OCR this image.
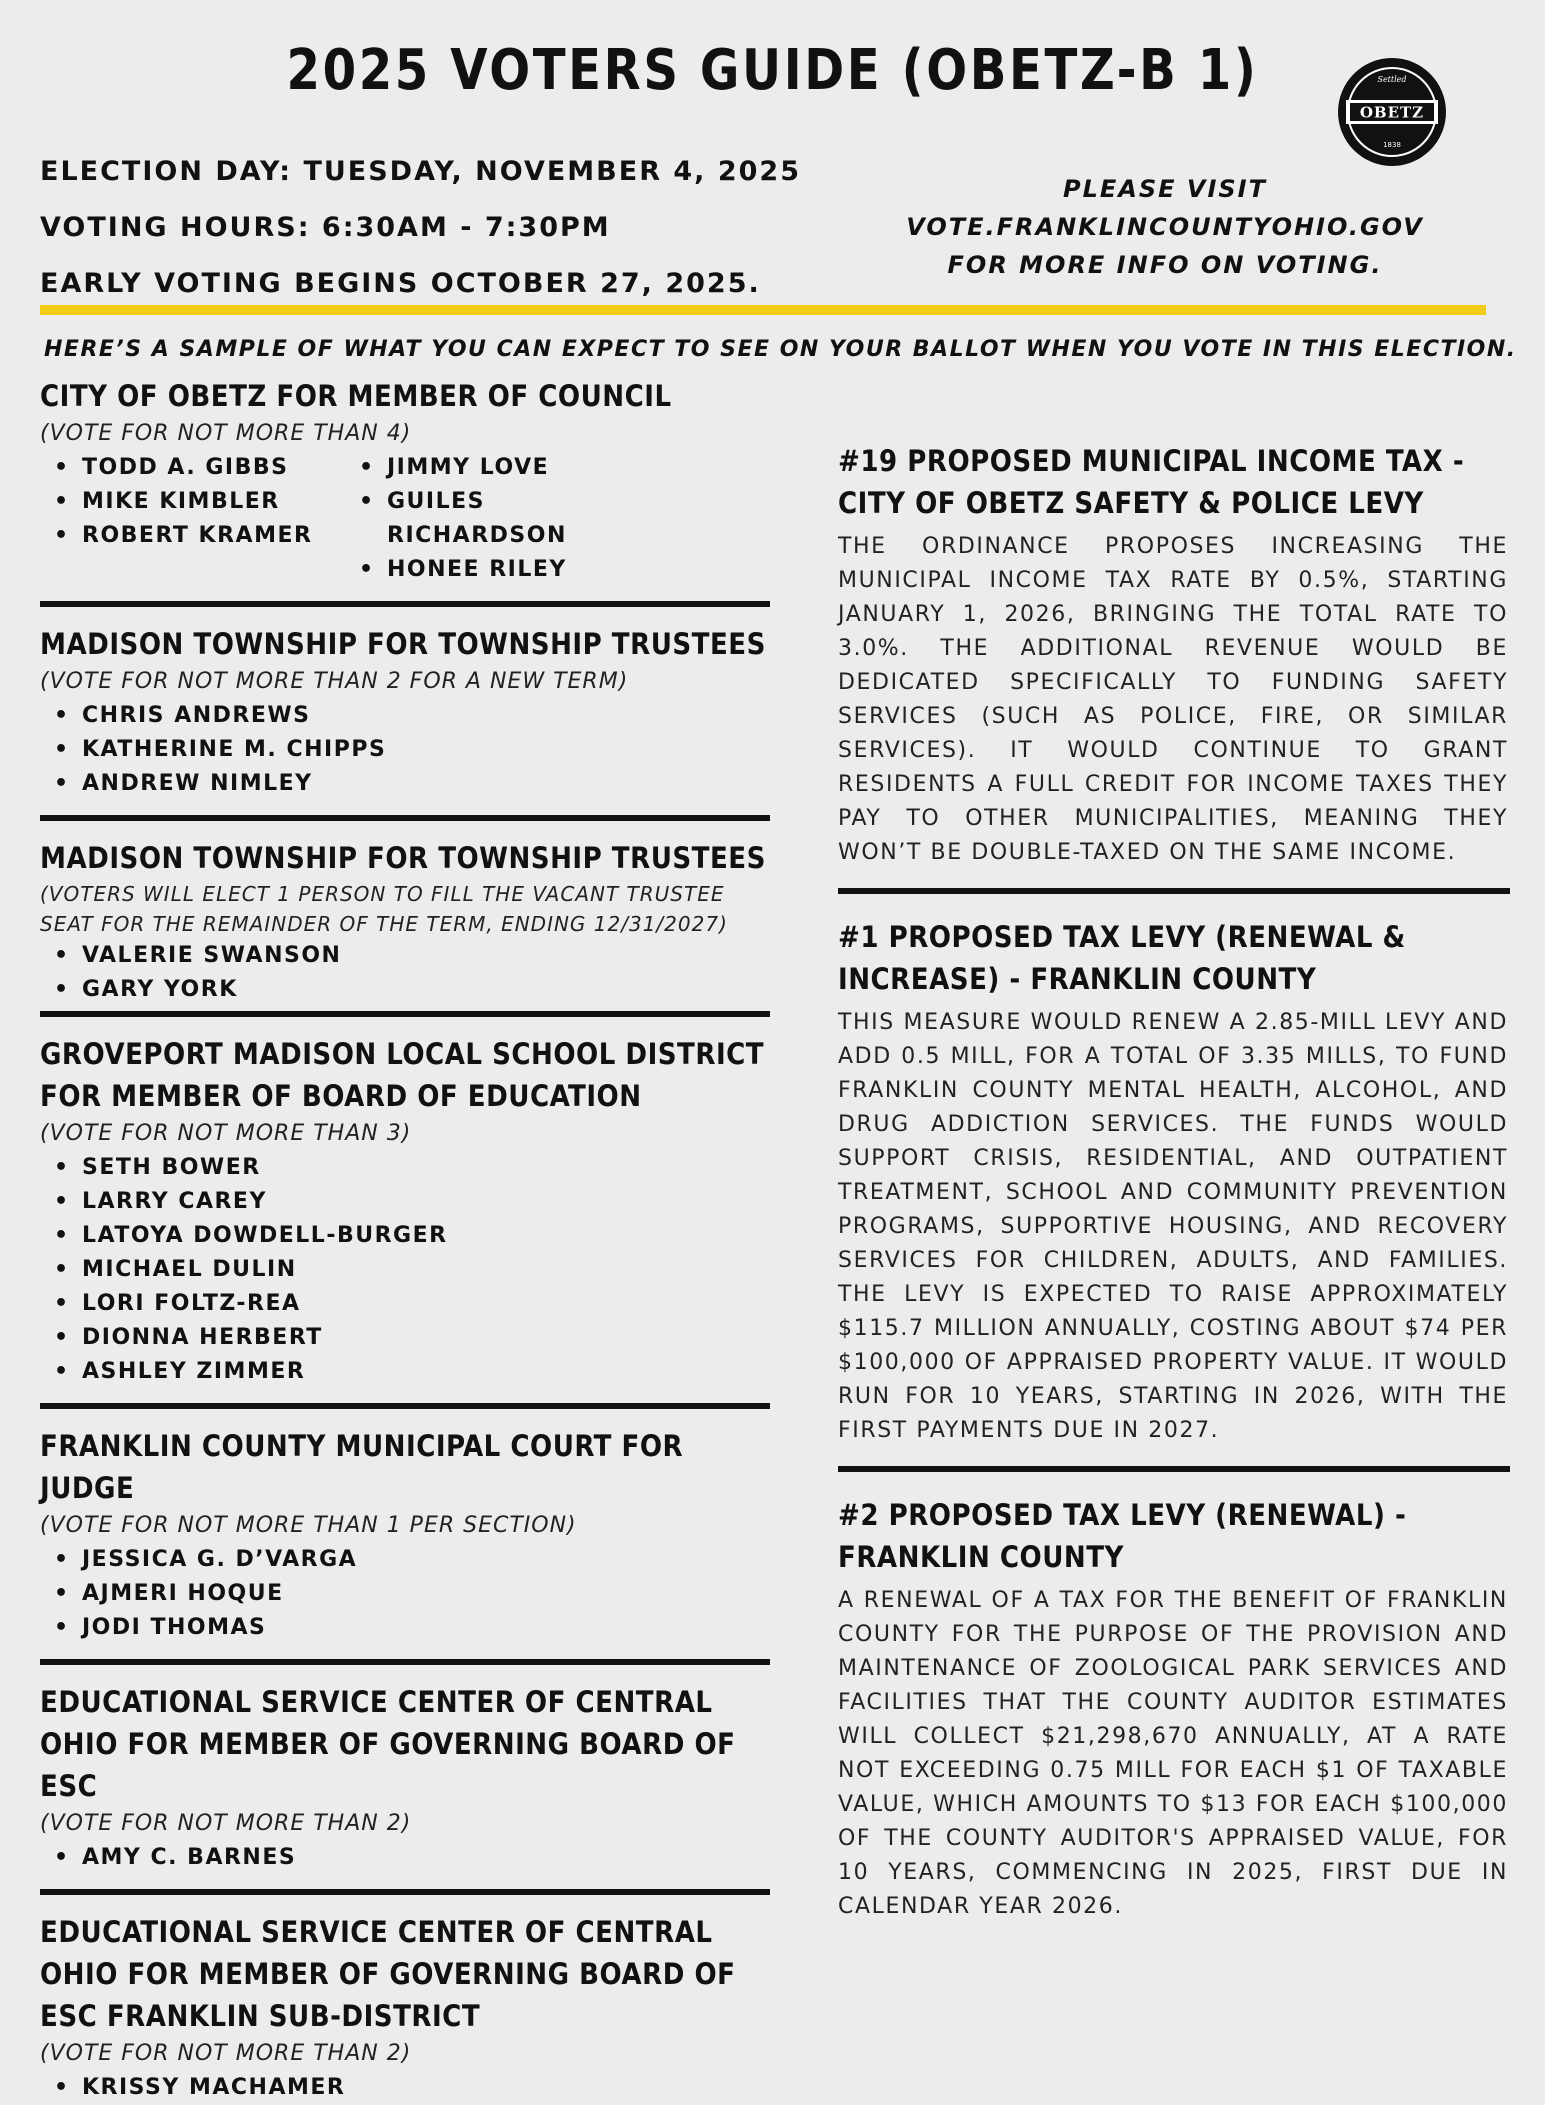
2025 VOTERS GUIDE (OBETZ-B 1)
OBETZ
Settled
1838
ELECTION DAY: TUESDAY, NOVEMBER 4, 2025
VOTING HOURS: 6:30AM - 7:30PM
EARLY VOTING BEGINS OCTOBER 27, 2025.
PLEASE VISIT
VOTE.FRANKLINCOUNTYOHIO.GOV
FOR MORE INFO ON VOTING.
HERE’S A SAMPLE OF WHAT YOU CAN EXPECT TO SEE ON YOUR BALLOT WHEN YOU VOTE IN THIS ELECTION.
CITY OF OBETZ FOR MEMBER OF COUNCIL
(VOTE FOR NOT MORE THAN 4)
• TODD A. GIBBS
• MIKE KIMBLER
• ROBERT KRAMER
• JIMMY LOVE
• GUILES RICHARDSON
• HONEE RILEY
MADISON TOWNSHIP FOR TOWNSHIP TRUSTEES
(VOTE FOR NOT MORE THAN 2 FOR A NEW TERM)
• CHRIS ANDREWS
• KATHERINE M. CHIPPS
• ANDREW NIMLEY
MADISON TOWNSHIP FOR TOWNSHIP TRUSTEES
(VOTERS WILL ELECT 1 PERSON TO FILL THE VACANT TRUSTEE SEAT FOR THE REMAINDER OF THE TERM, ENDING 12/31/2027)
• VALERIE SWANSON
• GARY YORK
GROVEPORT MADISON LOCAL SCHOOL DISTRICT FOR MEMBER OF BOARD OF EDUCATION
(VOTE FOR NOT MORE THAN 3)
• SETH BOWER
• LARRY CAREY
• LATOYA DOWDELL-BURGER
• MICHAEL DULIN
• LORI FOLTZ-REA
• DIONNA HERBERT
• ASHLEY ZIMMER
FRANKLIN COUNTY MUNICIPAL COURT FOR JUDGE
(VOTE FOR NOT MORE THAN 1 PER SECTION)
• JESSICA G. D’VARGA
• AJMERI HOQUE
• JODI THOMAS
EDUCATIONAL SERVICE CENTER OF CENTRAL OHIO FOR MEMBER OF GOVERNING BOARD OF ESC
(VOTE FOR NOT MORE THAN 2)
• AMY C. BARNES
EDUCATIONAL SERVICE CENTER OF CENTRAL OHIO FOR MEMBER OF GOVERNING BOARD OF ESC FRANKLIN SUB-DISTRICT
(VOTE FOR NOT MORE THAN 2)
• KRISSY MACHAMER
#19 PROPOSED MUNICIPAL INCOME TAX - CITY OF OBETZ SAFETY & POLICE LEVY

THE ORDINANCE PROPOSES INCREASING THE MUNICIPAL INCOME TAX RATE BY 0.5%, STARTING JANUARY 1, 2026, BRINGING THE TOTAL RATE TO 3.0%. THE ADDITIONAL REVENUE WOULD BE DEDICATED SPECIFICALLY TO FUNDING SAFETY SERVICES (SUCH AS POLICE, FIRE, OR SIMILAR SERVICES). IT WOULD CONTINUE TO GRANT RESIDENTS A FULL CREDIT FOR INCOME TAXES THEY PAY TO OTHER MUNICIPALITIES, MEANING THEY WON’T BE DOUBLE-TAXED ON THE SAME INCOME.

#1 PROPOSED TAX LEVY (RENEWAL & INCREASE) - FRANKLIN COUNTY

THIS MEASURE WOULD RENEW A 2.85-MILL LEVY AND ADD 0.5 MILL, FOR A TOTAL OF 3.35 MILLS, TO FUND FRANKLIN COUNTY MENTAL HEALTH, ALCOHOL, AND DRUG ADDICTION SERVICES. THE FUNDS WOULD SUPPORT CRISIS, RESIDENTIAL, AND OUTPATIENT TREATMENT, SCHOOL AND COMMUNITY PREVENTION PROGRAMS, SUPPORTIVE HOUSING, AND RECOVERY SERVICES FOR CHILDREN, ADULTS, AND FAMILIES. THE LEVY IS EXPECTED TO RAISE APPROXIMATELY $115.7 MILLION ANNUALLY, COSTING ABOUT $74 PER $100,000 OF APPRAISED PROPERTY VALUE. IT WOULD RUN FOR 10 YEARS, STARTING IN 2026, WITH THE FIRST PAYMENTS DUE IN 2027.

#2 PROPOSED TAX LEVY (RENEWAL) - FRANKLIN COUNTY

A RENEWAL OF A TAX FOR THE BENEFIT OF FRANKLIN COUNTY FOR THE PURPOSE OF THE PROVISION AND MAINTENANCE OF ZOOLOGICAL PARK SERVICES AND FACILITIES THAT THE COUNTY AUDITOR ESTIMATES WILL COLLECT $21,298,670 ANNUALLY, AT A RATE NOT EXCEEDING 0.75 MILL FOR EACH $1 OF TAXABLE VALUE, WHICH AMOUNTS TO $13 FOR EACH $100,000 OF THE COUNTY AUDITOR'S APPRAISED VALUE, FOR 10 YEARS, COMMENCING IN 2025, FIRST DUE IN CALENDAR YEAR 2026.
